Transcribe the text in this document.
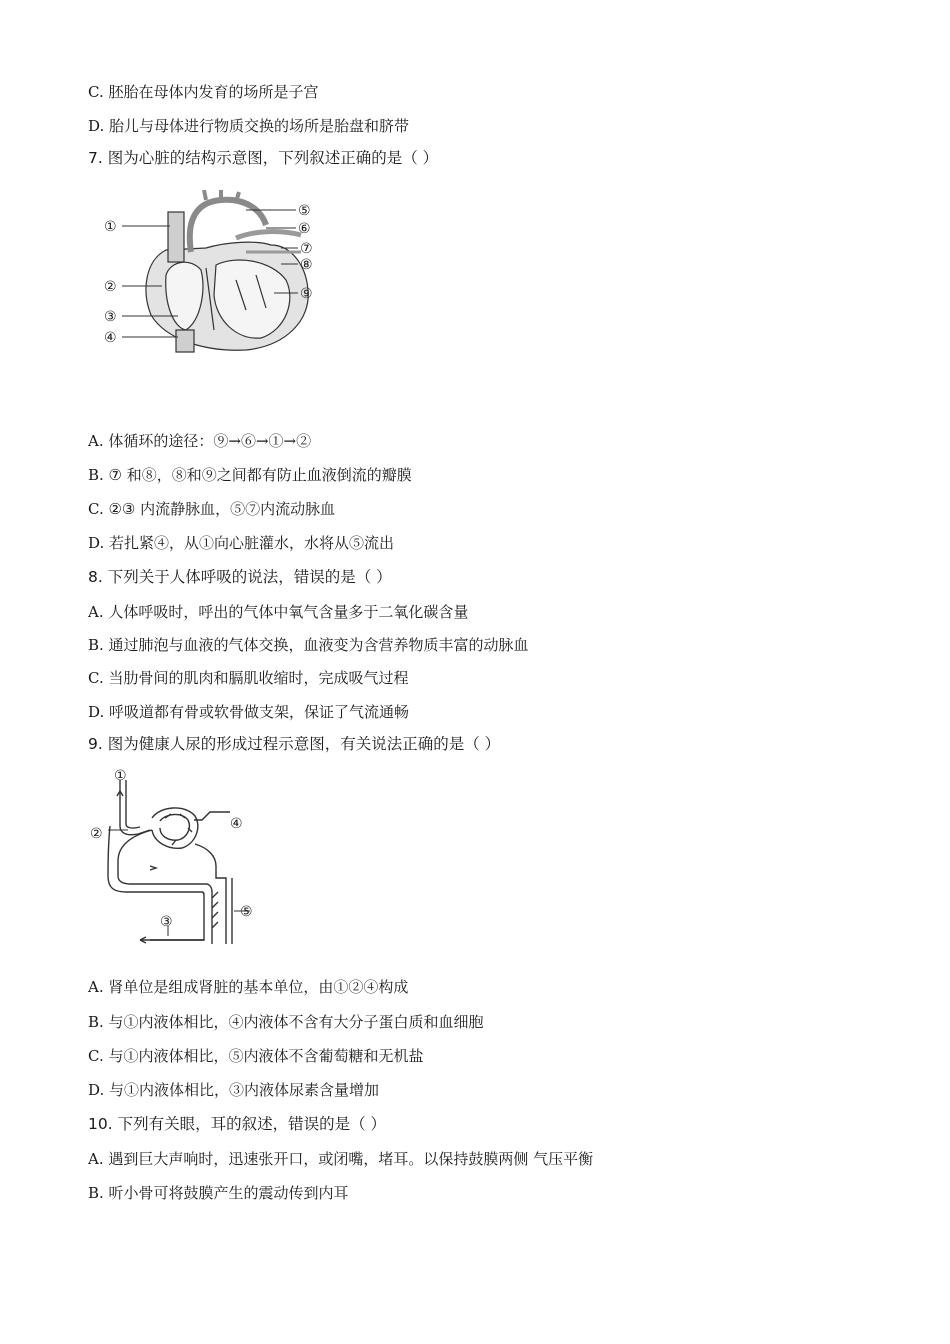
C. 胚胎在母体内发育的场所是子宫
D. 胎儿与母体进行物质交换的场所是胎盘和脐带
7. 图为心脏的结构示意图，下列叙述正确的是（ ）
①
②
③
④
⑤
⑥
⑦
⑧
⑨
A. 体循环的途径：⑨→⑥→①→②
B. ⑦ 和⑧，⑧和⑨之间都有防止血液倒流的瓣膜
C. ②③ 内流静脉血，⑤⑦内流动脉血
D. 若扎紧④，从①向心脏灌水，水将从⑤流出
8. 下列关于人体呼吸的说法，错误的是（ ）
A. 人体呼吸时，呼出的气体中氧气含量多于二氧化碳含量
B. 通过肺泡与血液的气体交换，血液变为含营养物质丰富的动脉血
C. 当肋骨间的肌肉和膈肌收缩时，完成吸气过程
D. 呼吸道都有骨或软骨做支架，保证了气流通畅
9. 图为健康人尿的形成过程示意图，有关说法正确的是（ ）
①
②
③
④
⑤
A. 肾单位是组成肾脏的基本单位，由①②④构成
B. 与①内液体相比，④内液体不含有大分子蛋白质和血细胞
C. 与①内液体相比，⑤内液体不含葡萄糖和无机盐
D. 与①内液体相比，③内液体尿素含量增加
10. 下列有关眼，耳的叙述，错误的是（ ）
A. 遇到巨大声响时，迅速张开口，或闭嘴，堵耳。以保持鼓膜两侧 气压平衡
B. 听小骨可将鼓膜产生的震动传到内耳
